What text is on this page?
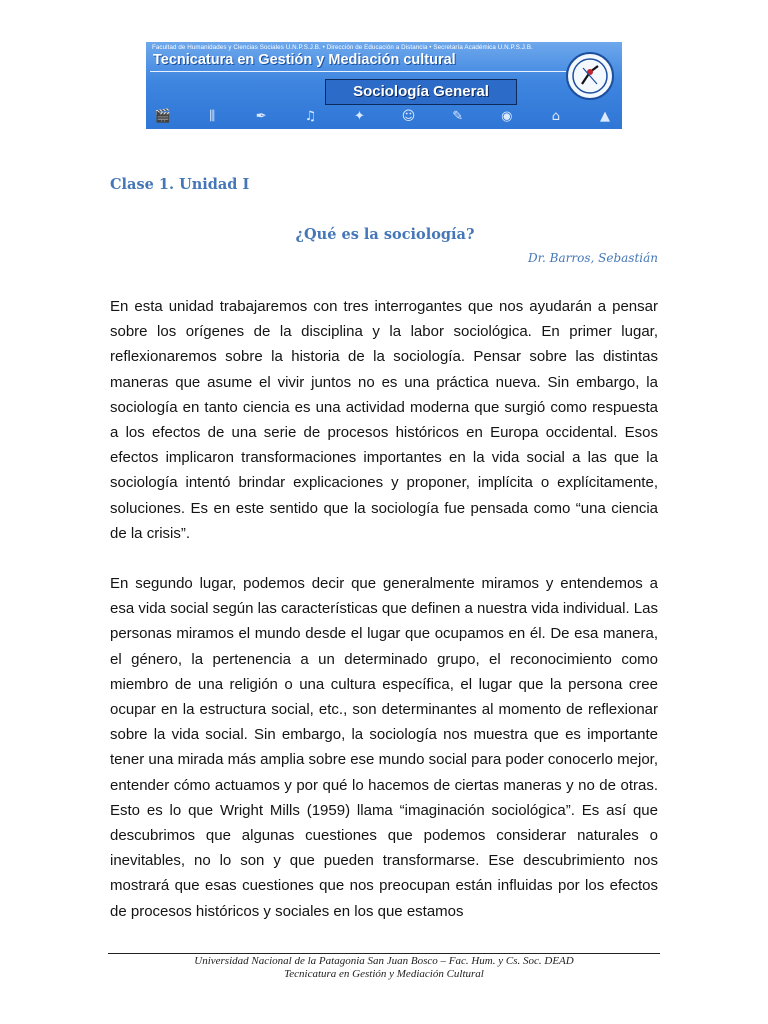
Facultad de Humanidades y Ciencias Sociales U.N.P.S.J.B. • Dirección de Educación a Distancia • Secretaría Académica U.N.P.S.J.B.
Tecnicatura en Gestión y Mediación cultural
Sociología General
🎬	⫼	✒	♫	✦	☺	✎	◉	⌂	▲
Clase 1. Unidad I
¿Qué es la sociología?
Dr. Barros, Sebastián

En esta unidad trabajaremos con tres interrogantes que nos ayudarán a pensar sobre los orígenes de la disciplina y la labor sociológica. En primer lugar, reflexionaremos sobre la historia de la sociología. Pensar sobre las distintas maneras que asume el vivir juntos no es una práctica nueva. Sin embargo, la sociología en tanto ciencia es una actividad moderna que surgió como respuesta a los efectos de una serie de procesos históricos en Europa occidental. Esos efectos implicaron transformaciones importantes en la vida social a las que la sociología intentó brindar explicaciones y proponer, implícita o explícitamente, soluciones. Es en este sentido que la sociología fue pensada como “una ciencia de la crisis”.

En segundo lugar, podemos decir que generalmente miramos y entendemos a esa vida social según las características que definen a nuestra vida individual. Las personas miramos el mundo desde el lugar que ocupamos en él. De esa manera, el género, la pertenencia a un determinado grupo, el reconocimiento como miembro de una religión o una cultura específica, el lugar que la persona cree ocupar en la estructura social, etc., son determinantes al momento de reflexionar sobre la vida social. Sin embargo, la sociología nos muestra que es importante tener una mirada más amplia sobre ese mundo social para poder conocerlo mejor, entender cómo actuamos y por qué lo hacemos de ciertas maneras y no de otras. Esto es lo que Wright Mills (1959) llama “imaginación sociológica”. Es así que descubrimos que algunas cuestiones que podemos considerar naturales o inevitables, no lo son y que pueden transformarse. Ese descubrimiento nos mostrará que esas cuestiones que nos preocupan están influidas por los efectos de procesos históricos y sociales en los que estamos

Universidad Nacional de la Patagonia San Juan Bosco – Fac. Hum. y Cs. Soc. DEAD
Tecnicatura en Gestión y Mediación Cultural
